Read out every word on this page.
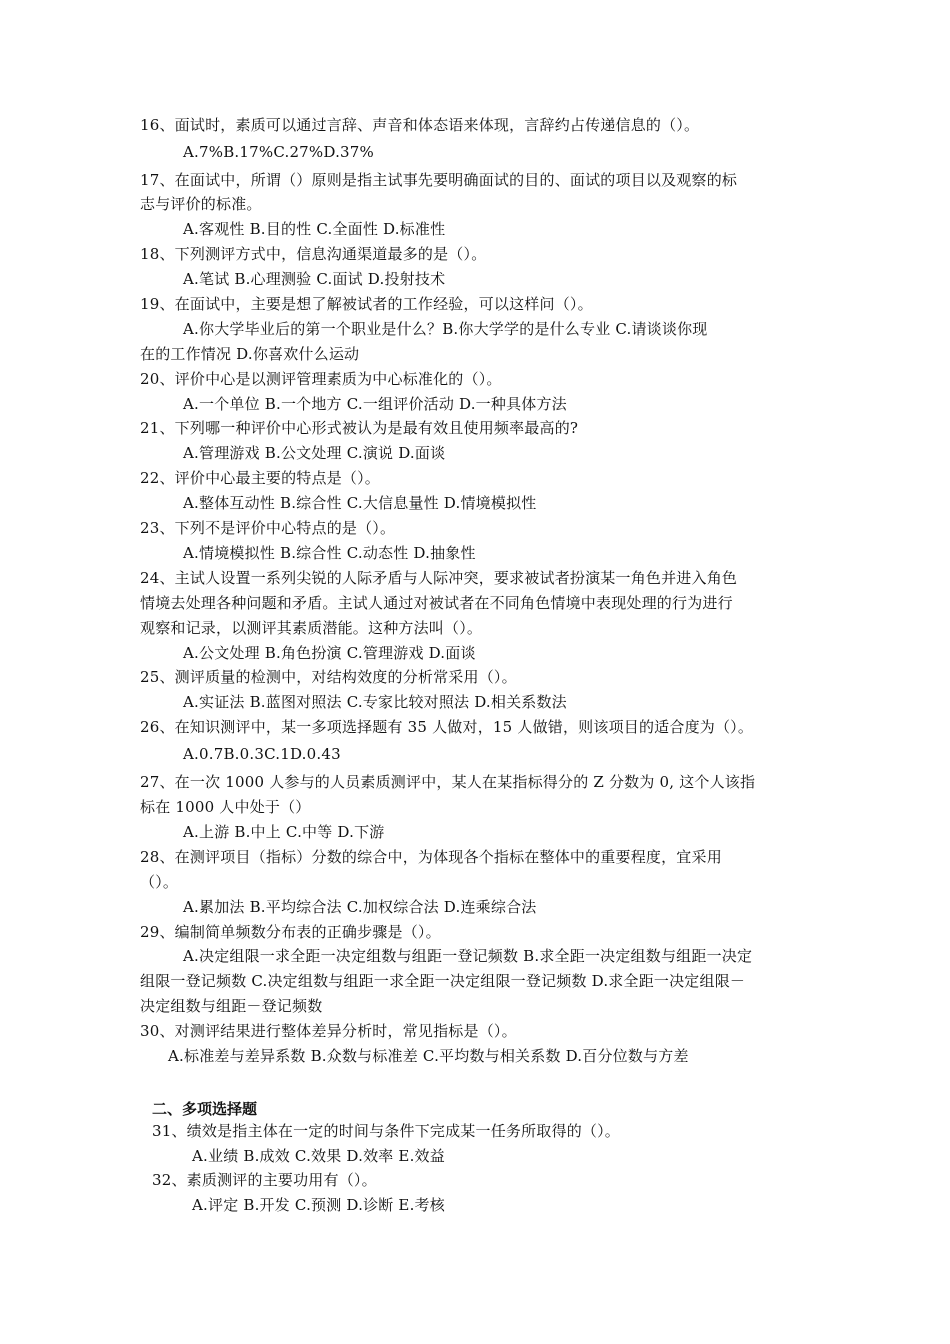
16、面试时，素质可以通过言辞、声音和体态语来体现，言辞约占传递信息的（）。
A.7%B.17%C.27%D.37%
17、在面试中，所谓（）原则是指主试事先要明确面试的目的、面试的项目以及观察的标
志与评价的标准。
A.客观性 B.目的性 C.全面性 D.标准性
18、下列测评方式中，信息沟通渠道最多的是（）。
A.笔试 B.心理测验 C.面试 D.投射技术
19、在面试中，主要是想了解被试者的工作经验，可以这样问（）。
A.你大学毕业后的第一个职业是什么？B.你大学学的是什么专业 C.请谈谈你现
在的工作情况 D.你喜欢什么运动
20、评价中心是以测评管理素质为中心标准化的（）。
A.一个单位 B.一个地方 C.一组评价活动 D.一种具体方法
21、下列哪一种评价中心形式被认为是最有效且使用频率最高的?
A.管理游戏 B.公文处理 C.演说 D.面谈
22、评价中心最主要的特点是（）。
A.整体互动性 B.综合性 C.大信息量性 D.情境模拟性
23、下列不是评价中心特点的是（）。
A.情境模拟性 B.综合性 C.动态性 D.抽象性
24、主试人设置一系列尖锐的人际矛盾与人际冲突，要求被试者扮演某一角色并进入角色
情境去处理各种问题和矛盾。主试人通过对被试者在不同角色情境中表现处理的行为进行
观察和记录，以测评其素质潜能。这种方法叫（）。
A.公文处理 B.角色扮演 C.管理游戏 D.面谈
25、测评质量的检测中，对结构效度的分析常采用（）。
A.实证法 B.蓝图对照法 C.专家比较对照法 D.相关系数法
26、在知识测评中，某一多项选择题有 35 人做对，15 人做错，则该项目的适合度为（）。
A.0.7B.0.3C.1D.0.43
27、在一次 1000 人参与的人员素质测评中，某人在某指标得分的 Z 分数为 0, 这个人该指
标在 1000 人中处于（）
A.上游 B.中上 C.中等 D.下游
28、在测评项目（指标）分数的综合中，为体现各个指标在整体中的重要程度，宜采用
（）。
A.累加法 B.平均综合法 C.加权综合法 D.连乘综合法
29、编制简单频数分布表的正确步骤是（）。
A.决定组限一求全距一决定组数与组距一登记频数 B.求全距一决定组数与组距一决定
组限一登记频数 C.决定组数与组距一求全距一决定组限一登记频数 D.求全距一决定组限－
决定组数与组距－登记频数
30、对测评结果进行整体差异分析时，常见指标是（）。
A.标准差与差异系数 B.众数与标准差 C.平均数与相关系数 D.百分位数与方差
二、多项选择题
31、绩效是指主体在一定的时间与条件下完成某一任务所取得的（）。
A.业绩 B.成效 C.效果 D.效率 E.效益
32、素质测评的主要功用有（）。
A.评定 B.开发 C.预测 D.诊断 E.考核
